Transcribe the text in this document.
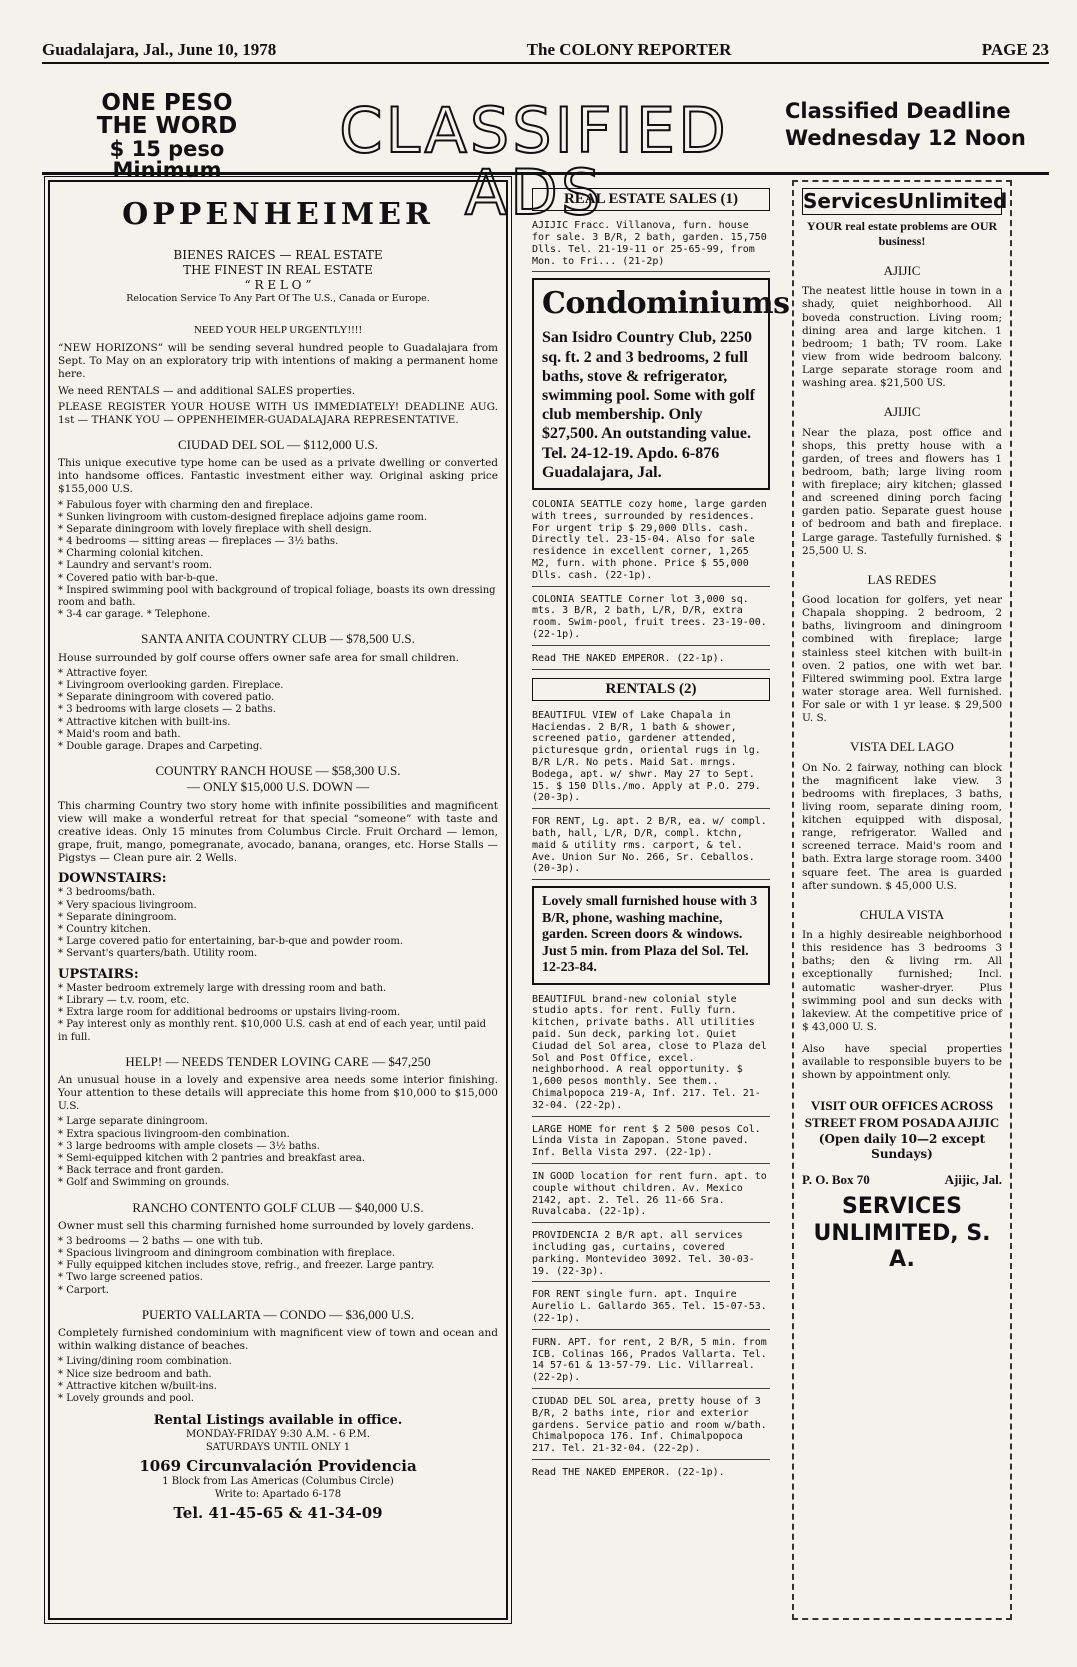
Guadalajara, Jal., June 10, 1978	The COLONY REPORTER	PAGE 23
ONE PESO
THE WORD
$ 15 peso Minimum
CLASSIFIED ADS
Classified Deadline
Wednesday 12 Noon
OPPENHEIMER
BIENES RAICES — REAL ESTATE
THE FINEST IN REAL ESTATE
“ R E L O ”
Relocation Service To Any Part Of The U.S., Canada or Europe.
NEED YOUR HELP URGENTLY!!!!

“NEW HORIZONS” will be sending several hundred people to Guadalajara from Sept. To May on an exploratory trip with intentions of making a permanent home here.

We need RENTALS — and additional SALES properties.

PLEASE REGISTER YOUR HOUSE WITH US IMMEDIATELY! DEADLINE AUG. 1st — THANK YOU — OPPENHEIMER-GUADALAJARA REPRESENTATIVE.

CIUDAD DEL SOL — $112,000 U.S.

This unique executive type home can be used as a private dwelling or converted into handsome offices. Fantastic investment either way. Original asking price $155,000 U.S.

* Fabulous foyer with charming den and fireplace.
* Sunken livingroom with custom-designed fireplace adjoins game room.
* Separate diningroom with lovely fireplace with shell design.
* 4 bedrooms — sitting areas — fireplaces — 3½ baths.
* Charming colonial kitchen.
* Laundry and servant's room.
* Covered patio with bar-b-que.
* Inspired swimming pool with background of tropical foliage, boasts its own dressing room and bath.
* 3-4 car garage. * Telephone.
SANTA ANITA COUNTRY CLUB — $78,500 U.S.

House surrounded by golf course offers owner safe area for small children.

* Attractive foyer.
* Livingroom overlooking garden. Fireplace.
* Separate diningroom with covered patio.
* 3 bedrooms with large closets — 2 baths.
* Attractive kitchen with built-ins.
* Maid's room and bath.
* Double garage. Drapes and Carpeting.
COUNTRY RANCH HOUSE — $58,300 U.S.
— ONLY $15,000 U.S. DOWN —

This charming Country two story home with infinite possibilities and magnificent view will make a wonderful retreat for that special “someone” with taste and creative ideas. Only 15 minutes from Columbus Circle. Fruit Orchard — lemon, grape, fruit, mango, pomegranate, avocado, banana, oranges, etc. Horse Stalls — Pigstys — Clean pure air. 2 Wells.

DOWNSTAIRS:
* 3 bedrooms/bath.
* Very spacious livingroom.
* Separate diningroom.
* Country kitchen.
* Large covered patio for entertaining, bar-b-que and powder room.
* Servant's quarters/bath. Utility room.
UPSTAIRS:
* Master bedroom extremely large with dressing room and bath.
* Library — t.v. room, etc.
* Extra large room for additional bedrooms or upstairs living-room.
* Pay interest only as monthly rent. $10,000 U.S. cash at end of each year, until paid in full.
HELP! — NEEDS TENDER LOVING CARE — $47,250

An unusual house in a lovely and expensive area needs some interior finishing. Your attention to these details will appreciate this home from $10,000 to $15,000 U.S.

* Large separate diningroom.
* Extra spacious livingroom-den combination.
* 3 large bedrooms with ample closets — 3½ baths.
* Semi-equipped kitchen with 2 pantries and breakfast area.
* Back terrace and front garden.
* Golf and Swimming on grounds.
RANCHO CONTENTO GOLF CLUB — $40,000 U.S.

Owner must sell this charming furnished home surrounded by lovely gardens.

* 3 bedrooms — 2 baths — one with tub.
* Spacious livingroom and diningroom combination with fireplace.
* Fully equipped kitchen includes stove, refrig., and freezer. Large pantry.
* Two large screened patios.
* Carport.
PUERTO VALLARTA — CONDO — $36,000 U.S.

Completely furnished condominium with magnificent view of town and ocean and within walking distance of beaches.

* Living/dining room combination.
* Nice size bedroom and bath.
* Attractive kitchen w/built-ins.
* Lovely grounds and pool.
Rental Listings available in office.
MONDAY-FRIDAY 9:30 A.M. - 6 P.M.
SATURDAYS UNTIL ONLY 1
1069 Circunvalación Providencia
1 Block from Las Americas (Columbus Circle)
Write to: Apartado 6-178
Tel. 41-45-65 & 41-34-09
REAL ESTATE SALES (1)
AJIJIC Fracc. Villanova, furn. house for sale. 3 B/R, 2 bath, garden. 15,750 Dlls. Tel. 21-19-11 or 25-65-99, from Mon. to Fri... (21-2p)
Condominiums
San Isidro Country Club, 2250 sq. ft. 2 and 3 bedrooms, 2 full baths, stove & refrigerator, swimming pool. Some with golf club membership. Only $27,500. An outstanding value. Tel. 24-12-19. Apdo. 6-876 Guadalajara, Jal.
COLONIA SEATTLE cozy home, large garden with trees, surrounded by residences. For urgent trip $ 29,000 Dlls. cash. Directly tel. 23-15-04. Also for sale residence in excellent corner, 1,265 M2, furn. with phone. Price $ 55,000 Dlls. cash. (22-1p).
COLONIA SEATTLE Corner lot 3,000 sq. mts. 3 B/R, 2 bath, L/R, D/R, extra room. Swim-pool, fruit trees. 23-19-00. (22-1p).
Read THE NAKED EMPEROR. (22-1p).
RENTALS (2)
BEAUTIFUL VIEW of Lake Chapala in Haciendas. 2 B/R, 1 bath & shower, screened patio, gardener attended, picturesque grdn, oriental rugs in lg. B/R L/R. No pets. Maid Sat. mrngs. Bodega, apt. w/ shwr. May 27 to Sept. 15. $ 150 Dlls./mo. Apply at P.O. 279. (20-3p).
FOR RENT, Lg. apt. 2 B/R, ea. w/ compl. bath, hall, L/R, D/R, compl. ktchn, maid & utility rms. carport, & tel. Ave. Union Sur No. 266, Sr. Ceballos. (20-3p).
Lovely small furnished house with 3 B/R, phone, washing machine, garden. Screen doors & windows. Just 5 min. from Plaza del Sol. Tel. 12-23-84.
BEAUTIFUL brand-new colonial style studio apts. for rent. Fully furn. kitchen, private baths. All utilities paid. Sun deck, parking lot. Quiet Ciudad del Sol area, close to Plaza del Sol and Post Office, excel. neighborhood. A real opportunity. $ 1,600 pesos monthly. See them.. Chimalpopoca 219-A, Inf. 217. Tel. 21-32-04. (22-2p).
LARGE HOME for rent $ 2 500 pesos Col. Linda Vista in Zapopan. Stone paved. Inf. Bella Vista 297. (22-1p).
IN GOOD location for rent furn. apt. to couple without children. Av. Mexico 2142, apt. 2. Tel. 26 11-66 Sra. Ruvalcaba. (22-1p).
PROVIDENCIA 2 B/R apt. all services including gas, curtains, covered parking. Montevideo 3092. Tel. 30-03-19. (22-3p).
FOR RENT single furn. apt. Inquire Aurelio L. Gallardo 365. Tel. 15-07-53. (22-1p).
FURN. APT. for rent, 2 B/R, 5 min. from ICB. Colinas 166, Prados Vallarta. Tel. 14 57-61 & 13-57-79. Lic. Villarreal. (22-2p).
CIUDAD DEL SOL area, pretty house of 3 B/R, 2 baths inte, rior and exterior gardens. Service patio and room w/bath. Chimalpopoca 176. Inf. Chimalpopoca 217. Tel. 21-32-04. (22-2p).
Read THE NAKED EMPEROR. (22-1p).
ServicesUnlimited
YOUR real estate problems are OUR business!
AJIJIC

The neatest little house in town in a shady, quiet neighborhood. All boveda construction. Living room; dining area and large kitchen. 1 bedroom; 1 bath; TV room. Lake view from wide bedroom balcony. Large separate storage room and washing area. $21,500 US.

AJIJIC

Near the plaza, post office and shops, this pretty house with a garden, of trees and flowers has 1 bedroom, bath; large living room with fireplace; airy kitchen; glassed and screened dining porch facing garden patio. Separate guest house of bedroom and bath and fireplace. Large garage. Tastefully furnished. $ 25,500 U. S.

LAS REDES

Good location for golfers, yet near Chapala shopping. 2 bedroom, 2 baths, livingroom and diningroom combined with fireplace; large stainless steel kitchen with built-in oven. 2 patios, one with wet bar. Filtered swimming pool. Extra large water storage area. Well furnished. For sale or with 1 yr lease. $ 29,500 U. S.

VISTA DEL LAGO

On No. 2 fairway, nothing can block the magnificent lake view. 3 bedrooms with fireplaces, 3 baths, living room, separate dining room, kitchen equipped with disposal, range, refrigerator. Walled and screened terrace. Maid's room and bath. Extra large storage room. 3400 square feet. The area is guarded after sundown. $ 45,000 U.S.

CHULA VISTA

In a highly desireable neighborhood this residence has 3 bedrooms 3 baths; den & living rm. All exceptionally furnished; Incl. automatic washer-dryer. Plus swimming pool and sun decks with lakeview. At the competitive price of $ 43,000 U. S.

Also have special properties available to responsible buyers to be shown by appointment only.

VISIT OUR OFFICES ACROSS STREET FROM POSADA AJIJIC
(Open daily 10—2 except Sundays)
P. O. Box 70	Ajijic, Jal.
SERVICES UNLIMITED, S. A.
